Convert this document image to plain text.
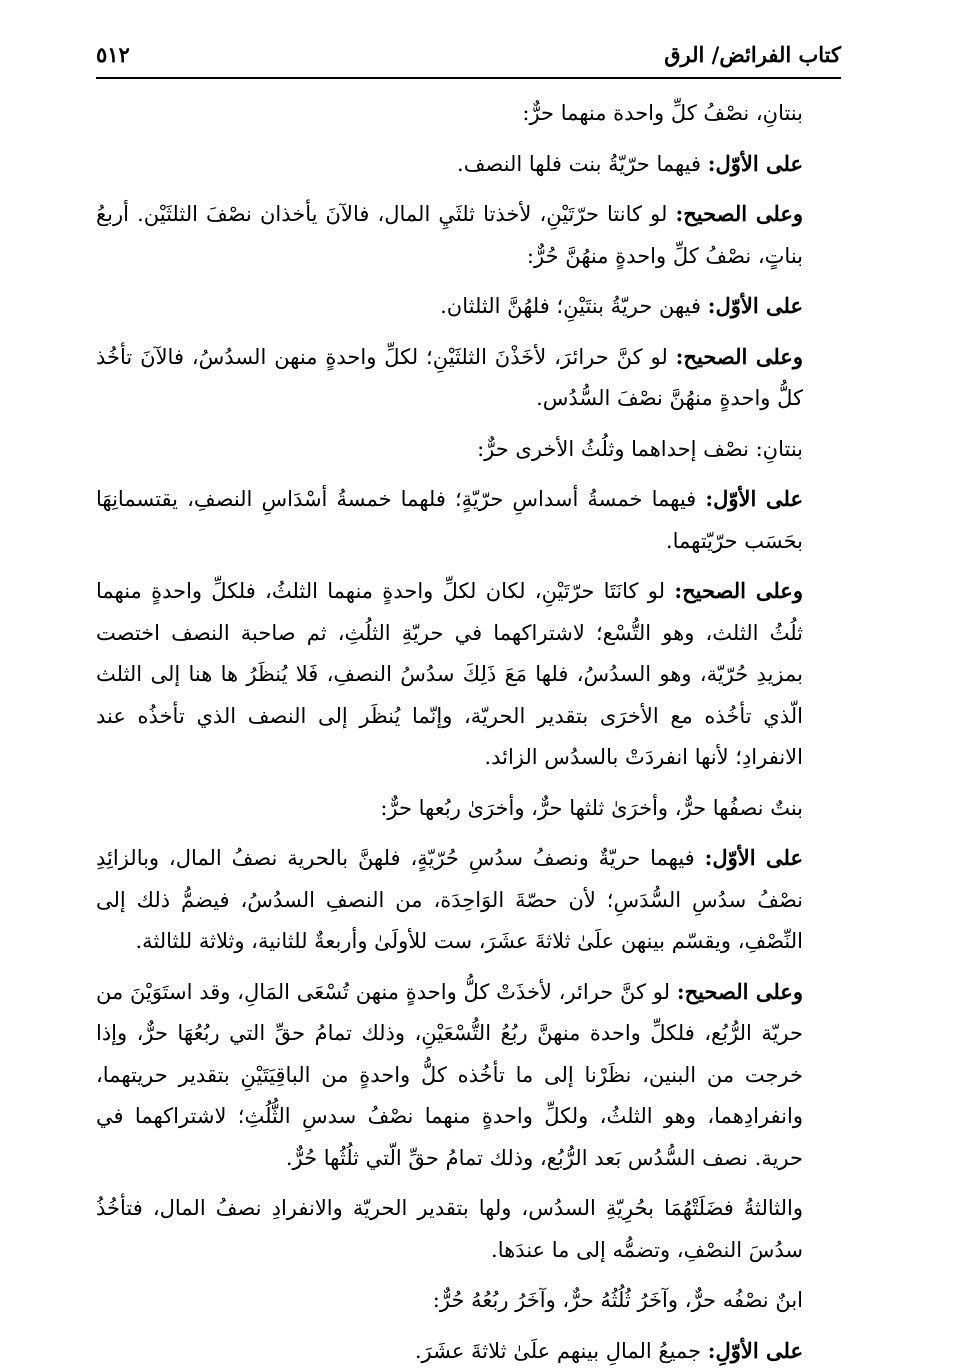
كتاب الفرائض/ الرق
٥١٢

بنتانِ، نصْفُ كلِّ واحدة منهما حرٌّ:

على الأوّل: فيهما حرّيّةُ بنت فلها النصف.

وعلى الصحيح: لو كانتا حرّتَيْنِ، لأخذتا ثلثَيِ المال، فالآنَ يأخذان نصْفَ الثلثَيْن. أربعُ بناتٍ، نصْفُ كلِّ واحدةٍ منهُنَّ حُرٌّ:

على الأوّل: فيهن حريّةُ بنتَيْنِ؛ فلهُنَّ الثلثان.

وعلى الصحيح: لو كنَّ حرائرَ، لأخَذْنَ الثلثَيْنِ؛ لكلِّ واحدةٍ منهن السدُسُ، فالآنَ تأخُذ كلُّ واحدةٍ منهُنَّ نصْفَ السُّدُس.

بنتانِ: نصْف إحداهما وثلُثُ الأخرى حرٌّ:

على الأوّل: فيهما خمسةُ أسداسِ حرّيّةٍ؛ فلهما خمسةُ أسْدَاسِ النصفِ، يقتسمانِهَا بحَسَب حرّيّتهما.

وعلى الصحيح: لو كانَتَا حرّتَيْنِ، لكان لكلِّ واحدةٍ منهما الثلثُ، فلكلِّ واحدةٍ منهما ثلُثُ الثلث، وهو التُّسْع؛ لاشتراكهما في حريّةِ الثلُثِ، ثم صاحبة النصف اختصت بمزيدِ حُرّيّة، وهو السدُسُ، فلها مَعَ ذَلِكَ سدُسُ النصفِ، فَلا يُنظَرُ ها هنا إلى الثلث الّذي تأخُذه مع الأخرَى بتقدير الحريّة، وإنّما يُنظَر إلى النصف الذي تأخذُه عند الانفرادِ؛ لأنها انفردَتْ بالسدُس الزائد.

بنتٌ نصفُها حرٌّ، وأخرَىٰ ثلثها حرٌّ، وأخرَىٰ ربُعها حرٌّ:

على الأوّل: فيهما حريّةٌ ونصفُ سدُسِ حُرّيّةٍ، فلهنَّ بالحرية نصفُ المال، وبالزائِدِ نصْفُ سدُسِ السُّدَسِ؛ لأن حصّةَ الوَاحِدَة، من النصفِ السدُسُ، فيضمُّ ذلك إلى النِّصْفِ، ويقسّم بينهن علَىٰ ثلاثةَ عشَرَ، ست للأولَىٰ وأربعةٌ للثانية، وثلاثة للثالثة.

وعلى الصحيح: لو كنَّ حرائر، لأخذَتْ كلُّ واحدةٍ منهن تُسْعَى المَالِ، وقد استَوَيْنَ من حريّة الرُّبُع، فلكلِّ واحدة منهنَّ ربُعُ التُّسْعَيْنِ، وذلك تمامُ حقِّ التي ربُعُهَا حرٌّ، وإذا خرجت من البنين، نظَرْنا إلى ما تأخُذه كلُّ واحدةٍ من الباقِيَتَيْنِ بتقدير حريتهما، وانفرادِهما، وهو الثلثُ، ولكلِّ واحدةٍ منهما نصْفُ سدسِ الثُّلُثِ؛ لاشتراكهما في حرية. نصف السُّدُس بَعد الرُّبُع، وذلك تمامُ حقِّ الّتي ثلُثُها حُرٌّ.

والثالثةُ فضَلَتْهُمَا بحُرِيّةِ السدُس، ولها بتقدير الحريّة والانفرادِ نصفُ المال، فتأخُذُ سدُسَ النصْفِ، وتضمُّه إلى ما عندَها.

ابنٌ نصْفُه حرٌّ، وآخَرُ ثُلُثُهُ حرٌّ، وآخَرُ ربُعُهُ حُرٌّ:

على الأوّلِ: جميعُ المالِ بينهم علَىٰ ثلاثةَ عشَرَ.
